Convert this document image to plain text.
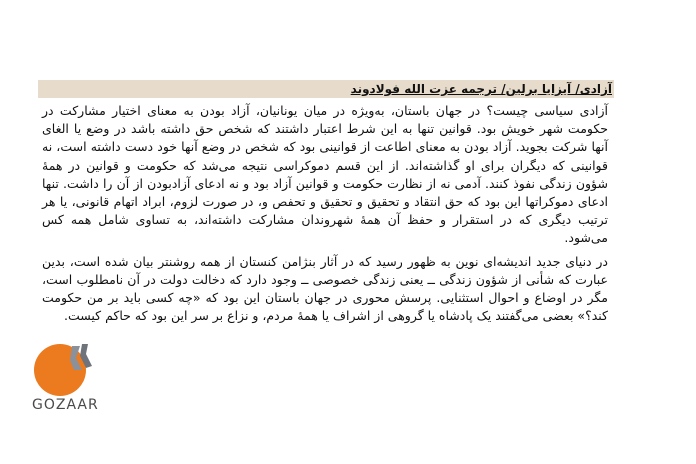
آزادی/ آیزایا برلین/ ترجمه عزت الله فولادوند

آزادی سیاسی چیست؟ در جهان باستان، به‌ویژه در میان یونانیان، آزاد بودن به معنای اختیار مشارکت در حکومت شهر خویش بود. قوانین تنها به این شرط اعتبار داشتند که شخص حق داشته باشد در وضع یا الغای آنها شرکت بجوید. آزاد بودن به معنای اطاعت از قوانینی بود که شخص در وضع آنها خود دست داشته است، نه قوانینی که دیگران برای او گذاشته‌اند. از این قسم دموکراسی نتیجه می‌شد که حکومت و قوانین در همهٔ شؤون زندگی نفوذ کنند. آدمی نه از نظارت حکومت و قوانین آزاد بود و نه ادعای آزادبودن از آن را داشت. تنها ادعای دموکراتها این بود که حق انتقاد و تحقیق و تحقیق و تحفص و، در صورت لزوم، ابراد اتهام قانونی، یا هر ترتیب دیگری که در استقرار و حفظ آن همهٔ شهروندان مشارکت داشته‌اند، به تساوی شامل همه کس می‌شود.

در دنیای جدید اندیشه‌ای نوین به ظهور رسید که در آثار بنژامن کنستان از همه روشنتر بیان شده است، بدین عبارت که شأنی از شؤون زندگی ــ یعنی زندگی خصوصی ــ وجود دارد که دخالت دولت در آن نامطلوب است، مگر در اوضاع و احوال استثنایی. پرسش محوری در جهان باستان این بود که «چه کسی باید بر من حکومت کند؟» بعضی می‌گفتند یک پادشاه یا گروهی از اشراف یا همهٔ مردم، و نزاع بر سر این بود که حاکم کیست.

GOZAAR
